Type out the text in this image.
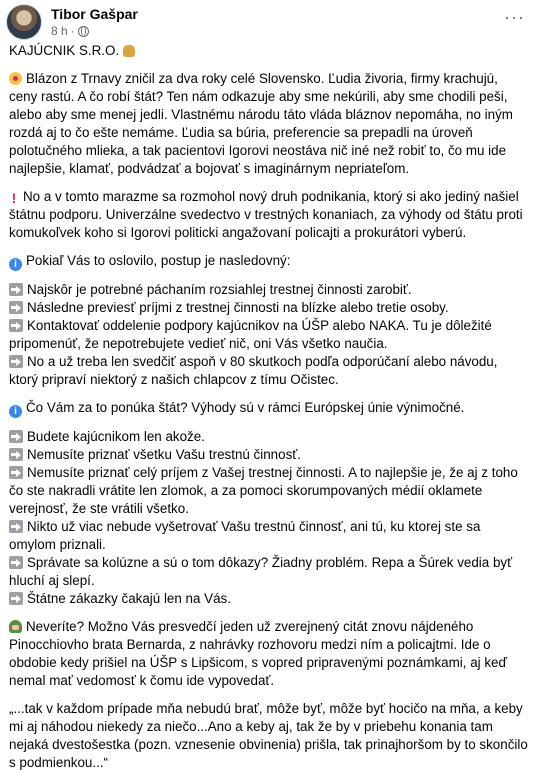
Tibor Gašpar
8 h ·
···

KAJÚCNIK S.R.O.

Blázon z Trnavy zničil za dva roky celé Slovensko. Ľudia živoria, firmy krachujú, ceny rastú. A čo robí štát? Ten nám odkazuje aby sme nekúrili, aby sme chodili peši, alebo aby sme menej jedli. Vlastnému národu táto vláda bláznov nepomáha, no iným rozdá aj to čo ešte nemáme. Ľudia sa búria, preferencie sa prepadli na úroveň polotučného mlieka, a tak pacientovi Igorovi neostáva nič iné než robiť to, čo mu ide najlepšie, klamať, podvádzať a bojovať s imaginárnym nepriateľom.

! No a v tomto marazme sa rozmohol nový druh podnikania, ktorý si ako jediný našiel štátnu podporu. Univerzálne svedectvo v trestných konaniach, za výhody od štátu proti komukoľvek koho si Igorovi politicki angažovaní policajti a prokurátori vyberú.

i Pokiaľ Vás to oslovilo, postup je nasledovný:

Najskôr je potrebné páchaním rozsiahlej trestnej činnosti zarobiť.

Následne previesť príjmi z trestnej činnosti na blízke alebo tretie osoby.

Kontaktovať oddelenie podpory kajúcnikov na ÚŠP alebo NAKA. Tu je dôležité pripomenúť, že nepotrebujete vedieť nič, oni Vás všetko naučia.

No a už treba len svedčiť aspoň v 80 skutkoch podľa odporúčaní alebo návodu, ktorý pripraví niektorý z našich chlapcov z tímu Očistec.

i Čo Vám za to ponúka štát? Výhody sú v rámci Európskej únie výnimočné.

Budete kajúcnikom len akože.

Nemusíte priznať všetku Vašu trestnú činnosť.

Nemusíte priznať celý príjem z Vašej trestnej činnosti. A to najlepšie je, že aj z toho čo ste nakradli vrátite len zlomok, a za pomoci skorumpovaných médií oklamete verejnosť, že ste vrátili všetko.

Nikto už viac nebude vyšetrovať Vašu trestnú činnosť, ani tú, ku ktorej ste sa omylom priznali.

Správate sa kolúzne a sú o tom dôkazy? Žiadny problém. Repa a Šúrek vedia byť hluchí aj slepí.

Štátne zákazky čakajú len na Vás.

Neveríte? Možno Vás presvedčí jeden už zverejnený citát znovu nájdeného Pinocchiovho brata Bernarda, z nahrávky rozhovoru medzi ním a policajtmi. Ide o obdobie kedy prišiel na ÚŠP s Lipšicom, s vopred pripravenými poznámkami, aj keď nemal mať vedomosť k čomu ide vypovedať.

„...tak v každom prípade mňa nebudú brať, môže byť, môže byť hocičo na mňa, a keby mi aj náhodou niekedy za niečo...Ano a keby aj, tak že by v priebehu konania tam nejaká dvestošestka (pozn. vznesenie obvinenia) prišla, tak prinajhoršom by to skončilo s podmienkou...“
